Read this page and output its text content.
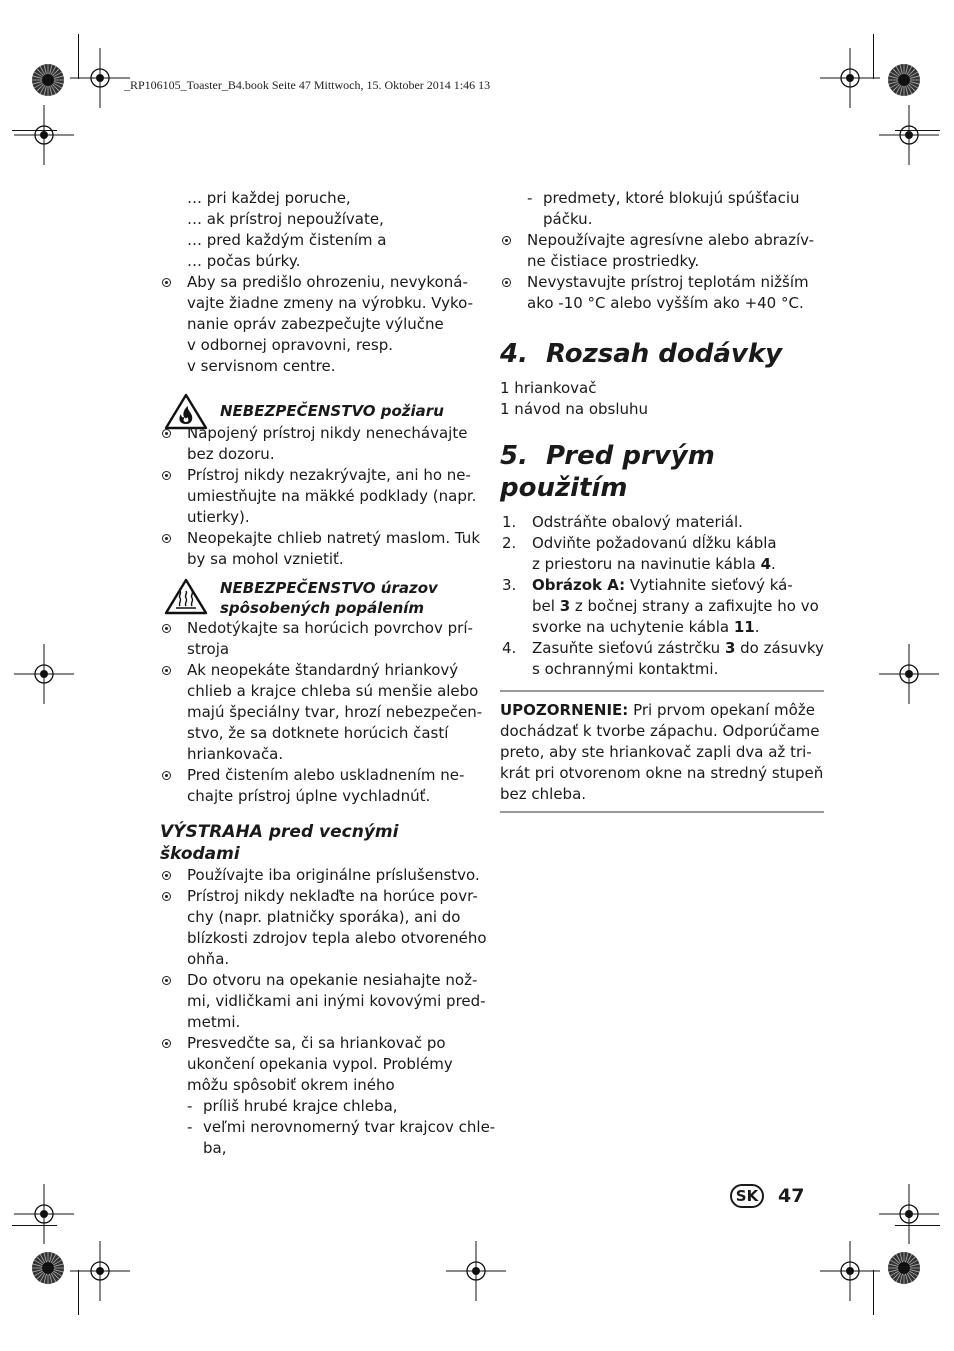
_RP106105_Toaster_B4.book Seite 47 Mittwoch, 15. Oktober 2014 1:46 13
… pri každej poruche,
… ak prístroj nepoužívate,
… pred každým čistením a
… počas búrky.
Aby sa predišlo ohrozeniu, nevykoná-
vajte žiadne zmeny na výrobku. Vyko-
nanie opráv zabezpečujte výlučne
v odbornej opravovni, resp.
v servisnom centre.
NEBEZPEČENSTVO požiaru
Napojený prístroj nikdy nenechávajte
bez dozoru.
Prístroj nikdy nezakrývajte, ani ho ne-
umiestňujte na mäkké podklady (napr.
utierky).
Neopekajte chlieb natretý maslom. Tuk
by sa mohol vznietiť.
NEBEZPEČENSTVO úrazov
spôsobených popálením
Nedotýkajte sa horúcich povrchov prí-
stroja
Ak neopekáte štandardný hriankový
chlieb a krajce chleba sú menšie alebo
majú špeciálny tvar, hrozí nebezpečen-
stvo, že sa dotknete horúcich častí
hriankovača.
Pred čistením alebo uskladnením ne-
chajte prístroj úplne vychladnúť.
VÝSTRAHA pred vecnými
škodami
Používajte iba originálne príslušenstvo.
Prístroj nikdy neklaďte na horúce povr-
chy (napr. platničky sporáka), ani do
blízkosti zdrojov tepla alebo otvoreného
ohňa.
Do otvoru na opekanie nesiahajte nož-
mi, vidličkami ani inými kovovými pred-
metmi.
Presvedčte sa, či sa hriankovač po
ukončení opekania vypol. Problémy
môžu spôsobiť okrem iného
- príliš hrubé krajce chleba,
- veľmi nerovnomerný tvar krajcov chle-
ba,
- predmety, ktoré blokujú spúšťaciu
páčku.
Nepoužívajte agresívne alebo abrazív-
ne čistiace prostriedky.
Nevystavujte prístroj teplotám nižším
ako -10 °C alebo vyšším ako +40 °C.
4. Rozsah dodávky
1 hriankovač
1 návod na obsluhu
5. Pred prvým použitím
1. Odstráňte obalový materiál.
2. Odviňte požadovanú dĺžku kábla
z priestoru na navinutie kábla 4.
3. Obrázok A: Vytiahnite sieťový ká-
bel 3 z bočnej strany a zafixujte ho vo
svorke na uchytenie kábla 11.
4. Zasuňte sieťovú zástrčku 3 do zásuvky
s ochrannými kontaktmi.
UPOZORNENIE: Pri prvom opekaní môže
dochádzať k tvorbe zápachu. Odporúčame
preto, aby ste hriankovač zapli dva až tri-
krát pri otvorenom okne na stredný stupeň
bez chleba.
SK	47
